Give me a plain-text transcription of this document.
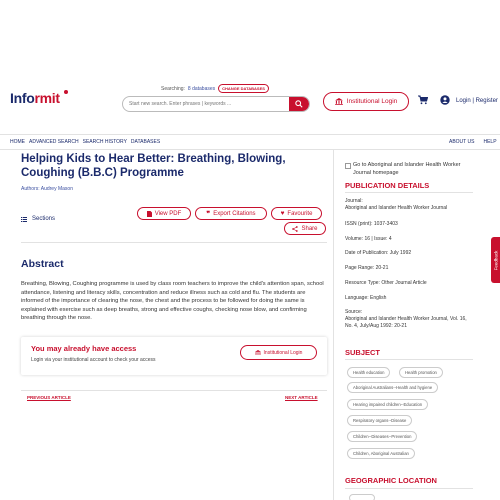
Searching: 8 databases	CHANGE DATABASES
Informit
Start new search. Enter phrases | keywords ...	Institutional Login	Login | Register
HOME ADVANCED SEARCH SEARCH HISTORY DATABASES	ABOUT US HELP
Helping Kids to Hear Better: Breathing, Blowing, Coughing (B.B.C) Programme
Authors: Audrey Mason
Sections
View PDF	❞ Export Citations	♥ Favourite
Share
Abstract

Breathing, Blowing, Coughing programme is used by class room teachers to improve the child's attention span, school attendance, listening and literacy skills, concentration and reduce illness such as cold and flu. The students are informed of the importance of clearing the nose, the chest and the process to be followed for doing the same is explained with exercise such as deep breaths, strong and effective coughs, checking nose blow, and confirming breathing through the nose.

You may already have access
Login via your institutional account to check your access
Institutional Login
PREVIOUS ARTICLE	NEXT ARTICLE
Go to Aboriginal and Islander Health Worker Journal homepage
PUBLICATION DETAILS
Journal:
Aboriginal and Islander Health Worker Journal
ISSN (print): 1037-3403
Volume: 16 | Issue: 4
Date of Publication: July 1992
Page Range: 20-21
Resource Type: Other Journal Article
Language: English
Source:
Aboriginal and Islander Health Worker Journal, Vol. 16, No. 4, July/Aug 1992: 20-21
SUBJECT
Health education	Health promotion
Aboriginal Australians--Health and hygiene
Hearing impaired children--Education
Respiratory organs--Disease
Children--Diseases--Prevention
Children, Aboriginal Australian
GEOGRAPHIC LOCATION
Feedback
